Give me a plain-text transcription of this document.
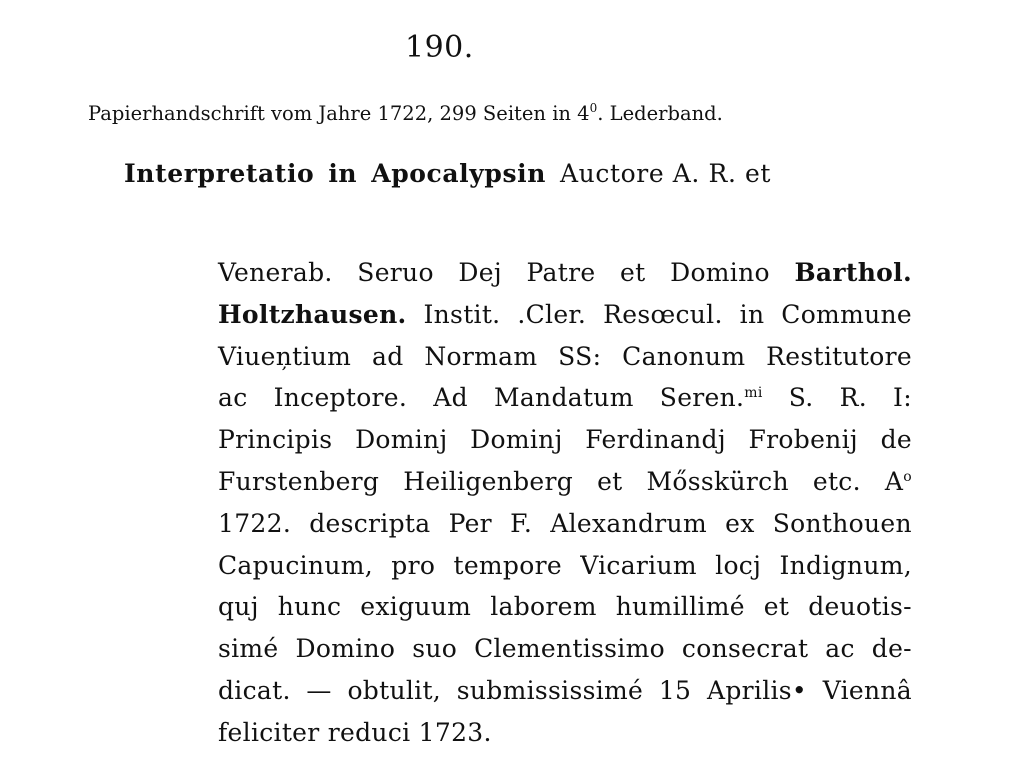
190.
Papierhandschrift vom Jahre 1722, 299 Seiten in $4^0$. Lederband.
Interpretatio in Apocalypsin Auctore A. R. et
Venerab. Seruo Dej Patre et Domino Barthol.
Holtzhausen. Instit. .Cler. Resœcul. in Commune
Viueņtium ad Normam SS: Canonum Restitutore
ac Inceptore. Ad Mandatum Seren.$^{mi}$ S. R. I:
Principis Dominj Dominj Ferdinandj Frobenij de
Furstenberg Heiligenberg et Mősskürch etc. $A^o$
1722. descripta Per F. Alexandrum ex Sonthouen
Capucinum, pro tempore Vicarium locj Indignum,
quj hunc exiguum laborem humillimé et deuotis-
simé Domino suo Clementissimo consecrat ac de-
dicat. — obtulit, submississimé 15 Aprilis• Viennâ
feliciter reduci 1723.
